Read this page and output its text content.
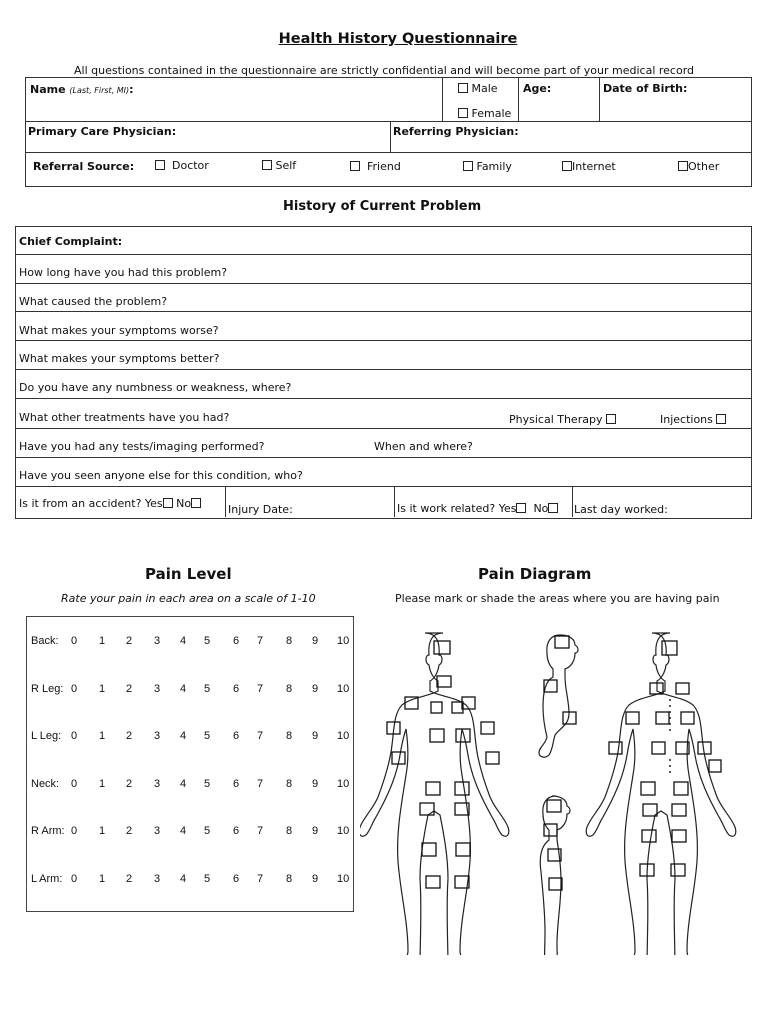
Health History Questionnaire
All questions contained in the questionnaire are strictly confidential and will become part of your medical record
Name (Last, First, MI):	Male
Female
Age:	Date of Birth:
Primary Care Physician:	Referring Physician:
Referral Source:	Doctor	Self	Friend	Family	Internet	Other
History of Current Problem
Chief Complaint:
How long have you had this problem?
What caused the problem?
What makes your symptoms worse?
What makes your symptoms better?
Do you have any numbness or weakness, where?
What other treatments have you had?	Physical Therapy	Injections
Have you had any tests/imaging performed?	When and where?
Have you seen anyone else for this condition, who?
Is it from an accident? Yes No	Injury Date:	Is it work related? Yes No	Last day worked:
Pain Level
Rate your pain in each area on a scale of 1-10
Back: 0 1 2 3 4 5 6 7 8 9 10
R Leg: 0 1 2 3 4 5 6 7 8 9 10
L Leg: 0 1 2 3 4 5 6 7 8 9 10
Neck: 0 1 2 3 4 5 6 7 8 9 10
R Arm: 0 1 2 3 4 5 6 7 8 9 10
L Arm: 0 1 2 3 4 5 6 7 8 9 10
Pain Diagram
Please mark or shade the areas where you are having pain
